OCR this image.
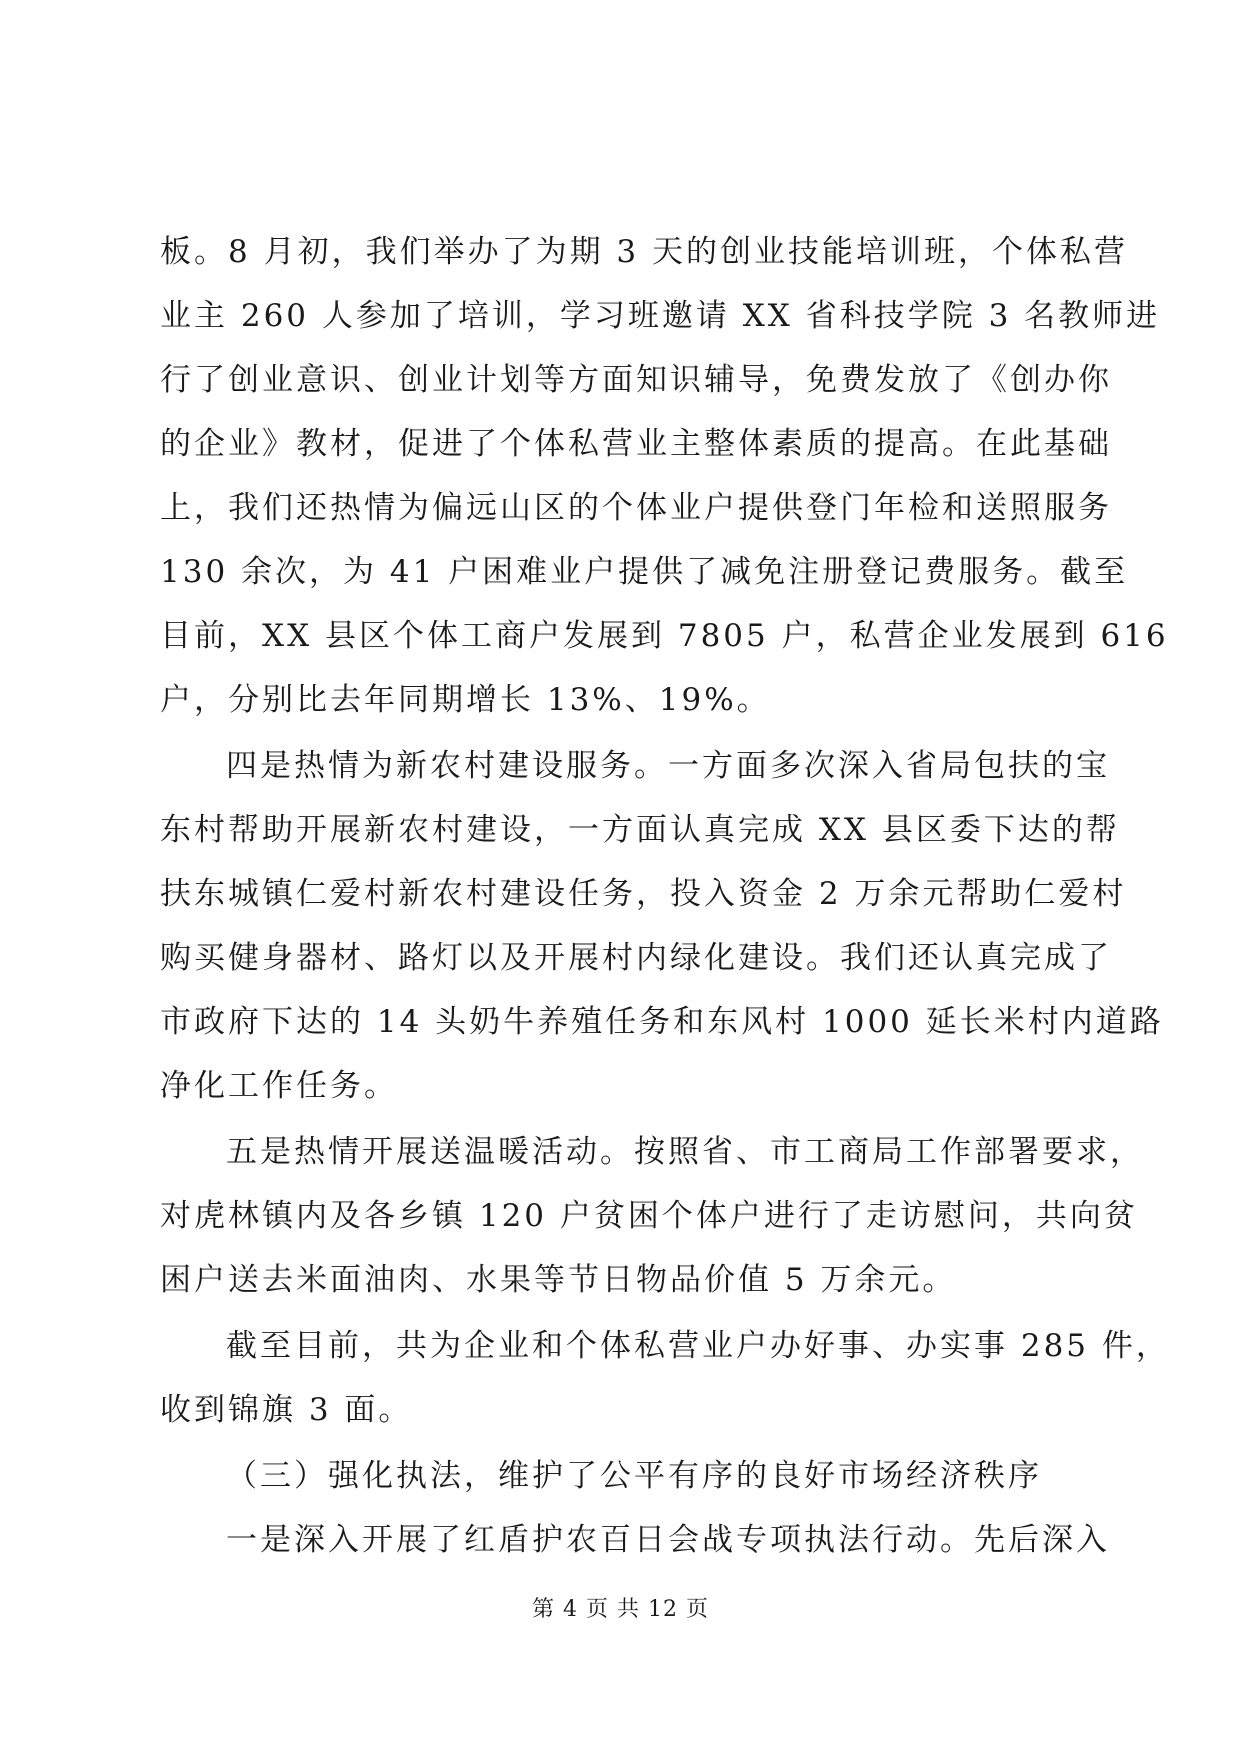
板。8 月初，我们举办了为期 3 天的创业技能培训班，个体私营
业主 260 人参加了培训，学习班邀请 XX 省科技学院 3 名教师进
行了创业意识、创业计划等方面知识辅导，免费发放了《创办你
的企业》教材，促进了个体私营业主整体素质的提高。在此基础
上，我们还热情为偏远山区的个体业户提供登门年检和送照服务
130 余次，为 41 户困难业户提供了减免注册登记费服务。截至
目前，XX 县区个体工商户发展到 7805 户，私营企业发展到 616
户，分别比去年同期增长 13%、19%。

四是热情为新农村建设服务。一方面多次深入省局包扶的宝
东村帮助开展新农村建设，一方面认真完成 XX 县区委下达的帮
扶东城镇仁爱村新农村建设任务，投入资金 2 万余元帮助仁爱村
购买健身器材、路灯以及开展村内绿化建设。我们还认真完成了
市政府下达的 14 头奶牛养殖任务和东风村 1000 延长米村内道路
净化工作任务。

五是热情开展送温暖活动。按照省、市工商局工作部署要求，
对虎林镇内及各乡镇 120 户贫困个体户进行了走访慰问，共向贫
困户送去米面油肉、水果等节日物品价值 5 万余元。

截至目前，共为企业和个体私营业户办好事、办实事 285 件，
收到锦旗 3 面。

（三）强化执法，维护了公平有序的良好市场经济秩序

一是深入开展了红盾护农百日会战专项执法行动。先后深入

第 4 页 共 12 页
